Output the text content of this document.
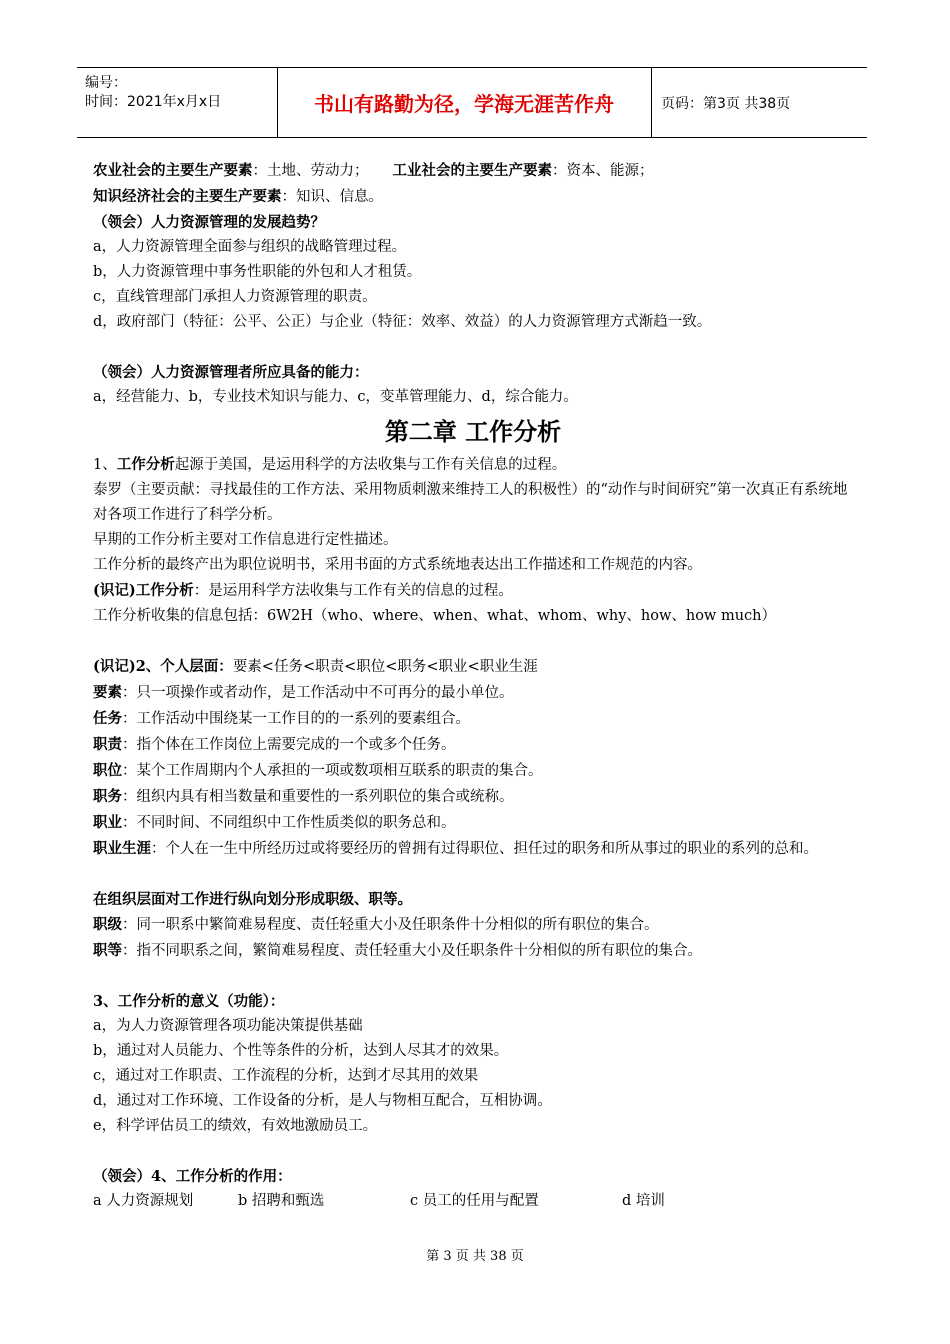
编号：
时间：2021年x月x日	书山有路勤为径，学海无涯苦作舟	页码：第3页 共38页

农业社会的主要生产要素：土地、劳动力； 工业社会的主要生产要素：资本、能源；

知识经济社会的主要生产要素：知识、信息。

（领会）人力资源管理的发展趋势？

a，人力资源管理全面参与组织的战略管理过程。

b，人力资源管理中事务性职能的外包和人才租赁。

c，直线管理部门承担人力资源管理的职责。

d，政府部门（特征：公平、公正）与企业（特征：效率、效益）的人力资源管理方式渐趋一致。

（领会）人力资源管理者所应具备的能力：

a，经营能力、b，专业技术知识与能力、c，变革管理能力、d，综合能力。

第二章 工作分析

1、工作分析起源于美国，是运用科学的方法收集与工作有关信息的过程。

泰罗（主要贡献：寻找最佳的工作方法、采用物质刺激来维持工人的积极性）的“动作与时间研究”第一次真正有系统地对各项工作进行了科学分析。

早期的工作分析主要对工作信息进行定性描述。

工作分析的最终产出为职位说明书，采用书面的方式系统地表达出工作描述和工作规范的内容。

(识记)工作分析：是运用科学方法收集与工作有关的信息的过程。

工作分析收集的信息包括：6W2H（who、where、when、what、whom、why、how、how much）

(识记)2、个人层面：要素<任务<职责<职位<职务<职业<职业生涯

要素：只一项操作或者动作，是工作活动中不可再分的最小单位。

任务：工作活动中围绕某一工作目的的一系列的要素组合。

职责：指个体在工作岗位上需要完成的一个或多个任务。

职位：某个工作周期内个人承担的一项或数项相互联系的职责的集合。

职务：组织内具有相当数量和重要性的一系列职位的集合或统称。

职业：不同时间、不同组织中工作性质类似的职务总和。

职业生涯：个人在一生中所经历过或将要经历的曾拥有过得职位、担任过的职务和所从事过的职业的系列的总和。

在组织层面对工作进行纵向划分形成职级、职等。

职级：同一职系中繁简难易程度、责任轻重大小及任职条件十分相似的所有职位的集合。

职等：指不同职系之间，繁简难易程度、责任轻重大小及任职条件十分相似的所有职位的集合。

3、工作分析的意义（功能）：

a，为人力资源管理各项功能决策提供基础

b，通过对人员能力、个性等条件的分析，达到人尽其才的效果。

c，通过对工作职责、工作流程的分析，达到才尽其用的效果

d，通过对工作环境、工作设备的分析，是人与物相互配合，互相协调。

e，科学评估员工的绩效，有效地激励员工。

（领会）4、工作分析的作用：

a 人力资源规划	b 招聘和甄选	c 员工的任用与配置	d 培训

第 3 页 共 38 页
